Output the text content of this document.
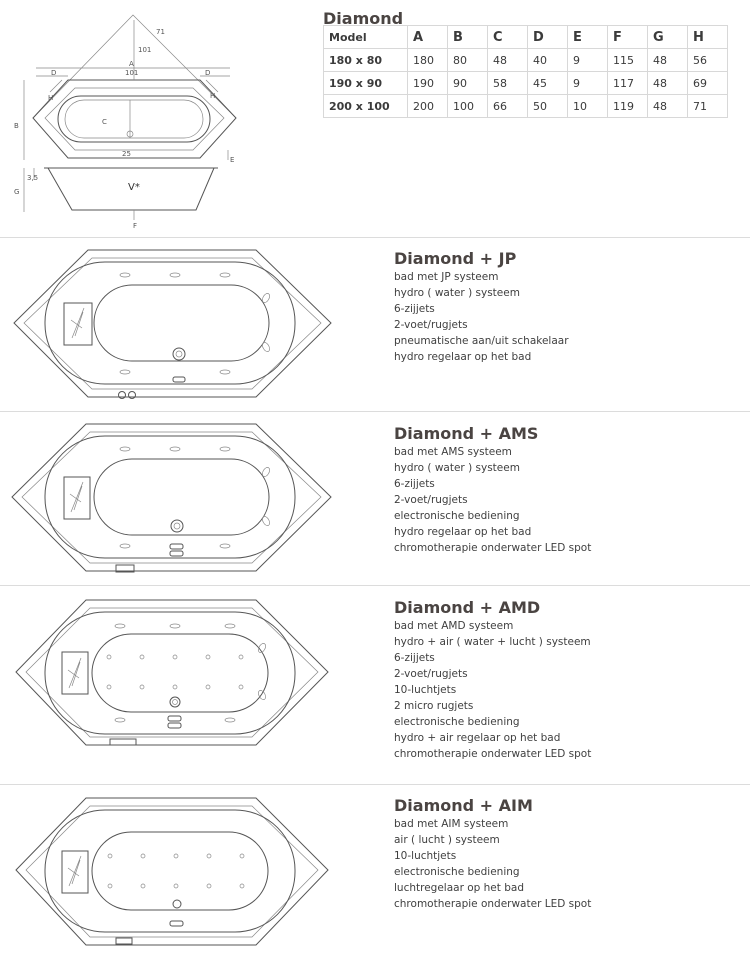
A
101
D	D
H	H
B	C
101
71
25
E
3,5
G	V*
F
Diamond
Model	A	B	C	D	E	F	G	H
180 x 80	180	80	48	40	9	115	48	56
190 x 90	190	90	58	45	9	117	48	69
200 x 100	200	100	66	50	10	119	48	71
Diamond + JP
bad met JP systeem
hydro ( water ) systeem
6-zijjets
2-voet/rugjets
pneumatische aan/uit schakelaar
hydro regelaar op het bad
Diamond + AMS
bad met AMS systeem
hydro ( water ) systeem
6-zijjets
2-voet/rugjets
electronische bediening
hydro regelaar op het bad
chromotherapie onderwater LED spot
Diamond + AMD
bad met AMD systeem
hydro + air ( water + lucht ) systeem
6-zijjets
2-voet/rugjets
10-luchtjets
2 micro rugjets
electronische bediening
hydro + air regelaar op het bad
chromotherapie onderwater LED spot
Diamond + AIM
bad met AIM systeem
air ( lucht ) systeem
10-luchtjets
electronische bediening
luchtregelaar op het bad
chromotherapie onderwater LED spot
